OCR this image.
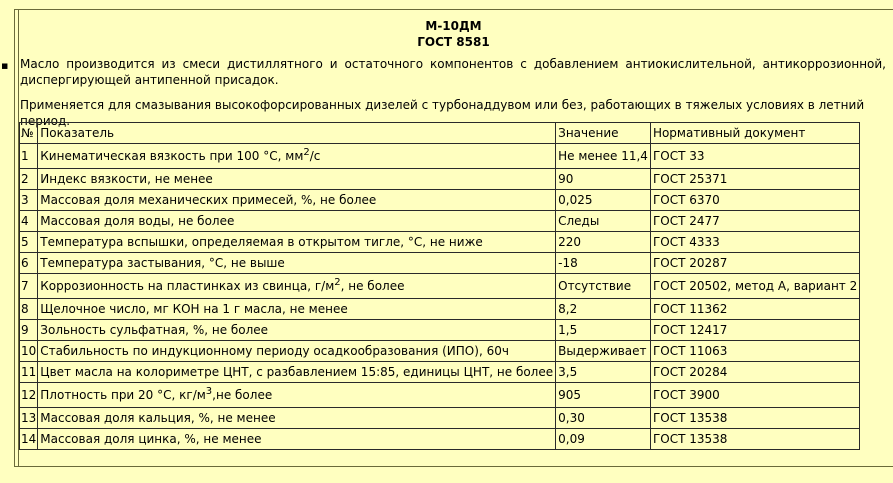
▪
М-10ДМ
ГОСТ 8581
Масло производится из смеси дистиллятного и остаточного компонентов с добавлением антиокислительной, антикоррозионной, диспергирующей антипенной присадок.
Применяется для смазывания высокофорсированных дизелей с турбонаддувом или без, работающих в тяжелых условиях в летний период.
№	Показатель	Значение	Нормативный документ
1	Кинематическая вязкость при 100 °С, $мм^2/с$	Не менее 11,4	ГОСТ 33
2	Индекс вязкости, не менее	90	ГОСТ 25371
3	Массовая доля механических примесей, %, не более	0,025	ГОСТ 6370
4	Массовая доля воды, не более	Следы	ГОСТ 2477
5	Температура вспышки, определяемая в открытом тигле, °С, не ниже	220	ГОСТ 4333
6	Температура застывания, °С, не выше	-18	ГОСТ 20287
7	Коррозионность на пластинках из свинца, $г/м^2$, не более	Отсутствие	ГОСТ 20502, метод А, вариант 2
8	Щелочное число, мг КОН на 1 г масла, не менее	8,2	ГОСТ 11362
9	Зольность сульфатная, %, не более	1,5	ГОСТ 12417
10	Стабильность по индукционному периоду осадкообразования (ИПО), 60ч	Выдерживает	ГОСТ 11063
11	Цвет масла на колориметре ЦНТ, с разбавлением 15:85, единицы ЦНТ, не более	3,5	ГОСТ 20284
12	Плотность при 20 °С, $кг/м^3,не$ более	905	ГОСТ 3900
13	Массовая доля кальция, %, не менее	0,30	ГОСТ 13538
14	Массовая доля цинка, %, не менее	0,09	ГОСТ 13538
